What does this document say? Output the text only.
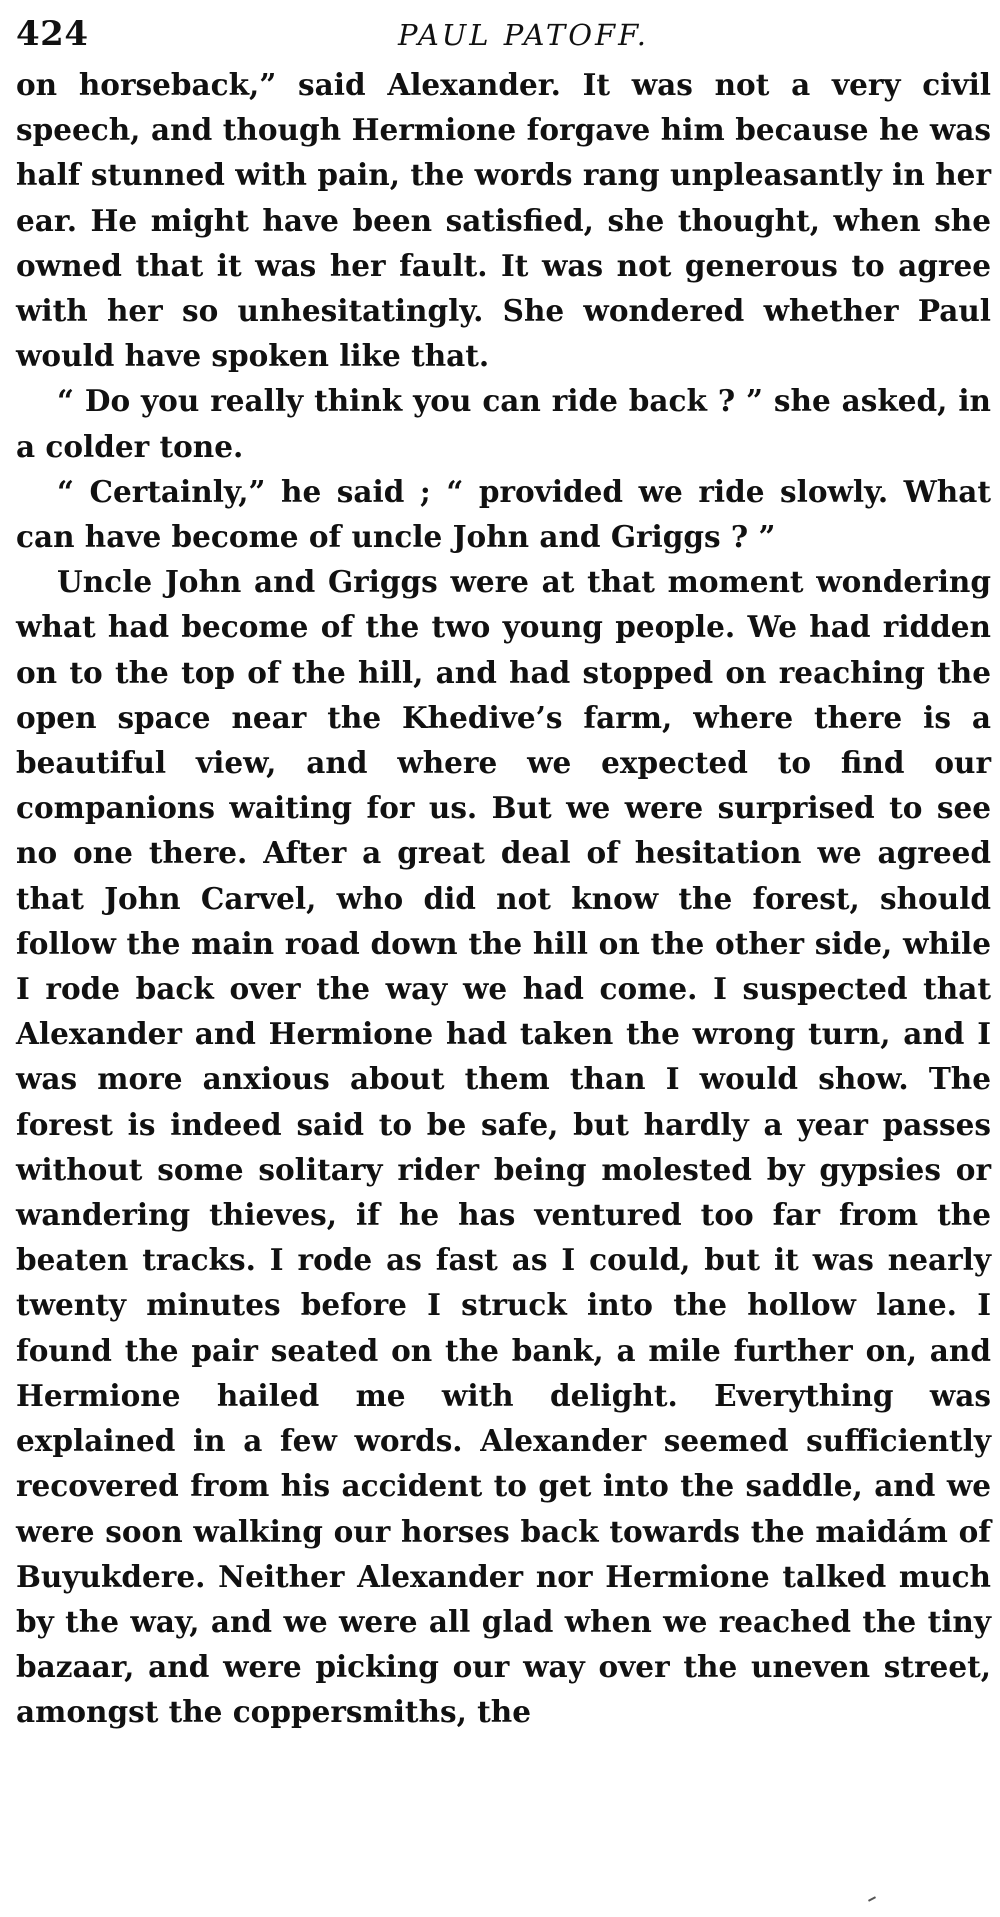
424	PAUL PATOFF.

on horseback,” said Alexander. It was not a very civil speech, and though Hermione forgave him because he was half stunned with pain, the words rang unpleasantly in her ear. He might have been satisfied, she thought, when she owned that it was her fault. It was not generous to agree with her so unhesitatingly. She wondered whether Paul would have spoken like that.

“ Do you really think you can ride back ? ” she asked, in a colder tone.

“ Certainly,” he said ; “ provided we ride slowly. What can have become of uncle John and Griggs ? ”

Uncle John and Griggs were at that moment wondering what had become of the two young people. We had ridden on to the top of the hill, and had stopped on reaching the open space near the Khedive’s farm, where there is a beautiful view, and where we expected to find our companions waiting for us. But we were surprised to see no one there. After a great deal of hesitation we agreed that John Carvel, who did not know the forest, should follow the main road down the hill on the other side, while I rode back over the way we had come. I suspected that Alexander and Hermione had taken the wrong turn, and I was more anxious about them than I would show. The forest is indeed said to be safe, but hardly a year passes without some solitary rider being molested by gypsies or wandering thieves, if he has ventured too far from the beaten tracks. I rode as fast as I could, but it was nearly twenty minutes before I struck into the hollow lane. I found the pair seated on the bank, a mile further on, and Hermione hailed me with delight. Everything was explained in a few words. Alexander seemed sufficiently recovered from his accident to get into the saddle, and we were soon walking our horses back towards the maidám of Buyukdere. Neither Alexander nor Hermione talked much by the way, and we were all glad when we reached the tiny bazaar, and were picking our way over the uneven street, amongst the coppersmiths, the
